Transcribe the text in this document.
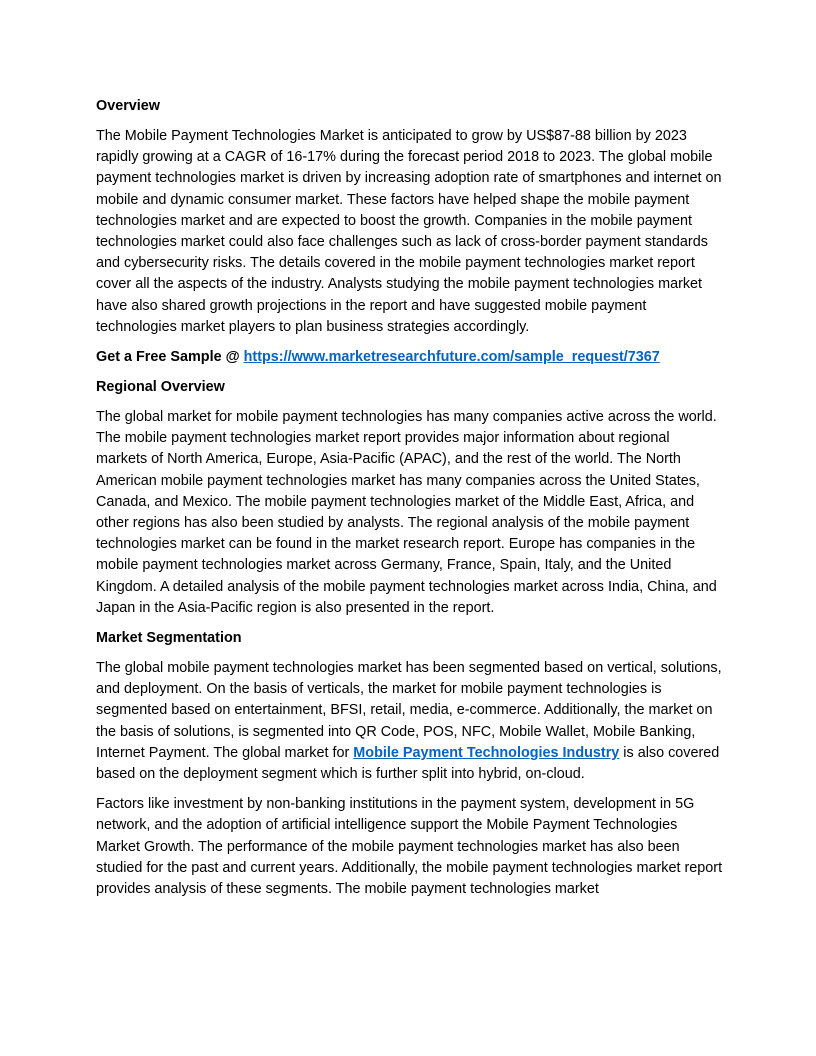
Overview

The Mobile Payment Technologies Market is anticipated to grow by US$87-88 billion by 2023 rapidly growing at a CAGR of 16-17% during the forecast period 2018 to 2023. The global mobile payment technologies market is driven by increasing adoption rate of smartphones and internet on mobile and dynamic consumer market. These factors have helped shape the mobile payment technologies market and are expected to boost the growth. Companies in the mobile payment technologies market could also face challenges such as lack of cross-border payment standards and cybersecurity risks. The details covered in the mobile payment technologies market report cover all the aspects of the industry. Analysts studying the mobile payment technologies market have also shared growth projections in the report and have suggested mobile payment technologies market players to plan business strategies accordingly.

Get a Free Sample @ https://www.marketresearchfuture.com/sample_request/7367

Regional Overview

The global market for mobile payment technologies has many companies active across the world. The mobile payment technologies market report provides major information about regional markets of North America, Europe, Asia-Pacific (APAC), and the rest of the world. The North American mobile payment technologies market has many companies across the United States, Canada, and Mexico. The mobile payment technologies market of the Middle East, Africa, and other regions has also been studied by analysts. The regional analysis of the mobile payment technologies market can be found in the market research report. Europe has companies in the mobile payment technologies market across Germany, France, Spain, Italy, and the United Kingdom. A detailed analysis of the mobile payment technologies market across India, China, and Japan in the Asia-Pacific region is also presented in the report.

Market Segmentation

The global mobile payment technologies market has been segmented based on vertical, solutions, and deployment. On the basis of verticals, the market for mobile payment technologies is segmented based on entertainment, BFSI, retail, media, e-commerce. Additionally, the market on the basis of solutions, is segmented into QR Code, POS, NFC, Mobile Wallet, Mobile Banking, Internet Payment. The global market for Mobile Payment Technologies Industry is also covered based on the deployment segment which is further split into hybrid, on-cloud.

Factors like investment by non-banking institutions in the payment system, development in 5G network, and the adoption of artificial intelligence support the Mobile Payment Technologies Market Growth. The performance of the mobile payment technologies market has also been studied for the past and current years. Additionally, the mobile payment technologies market report provides analysis of these segments. The mobile payment technologies market
